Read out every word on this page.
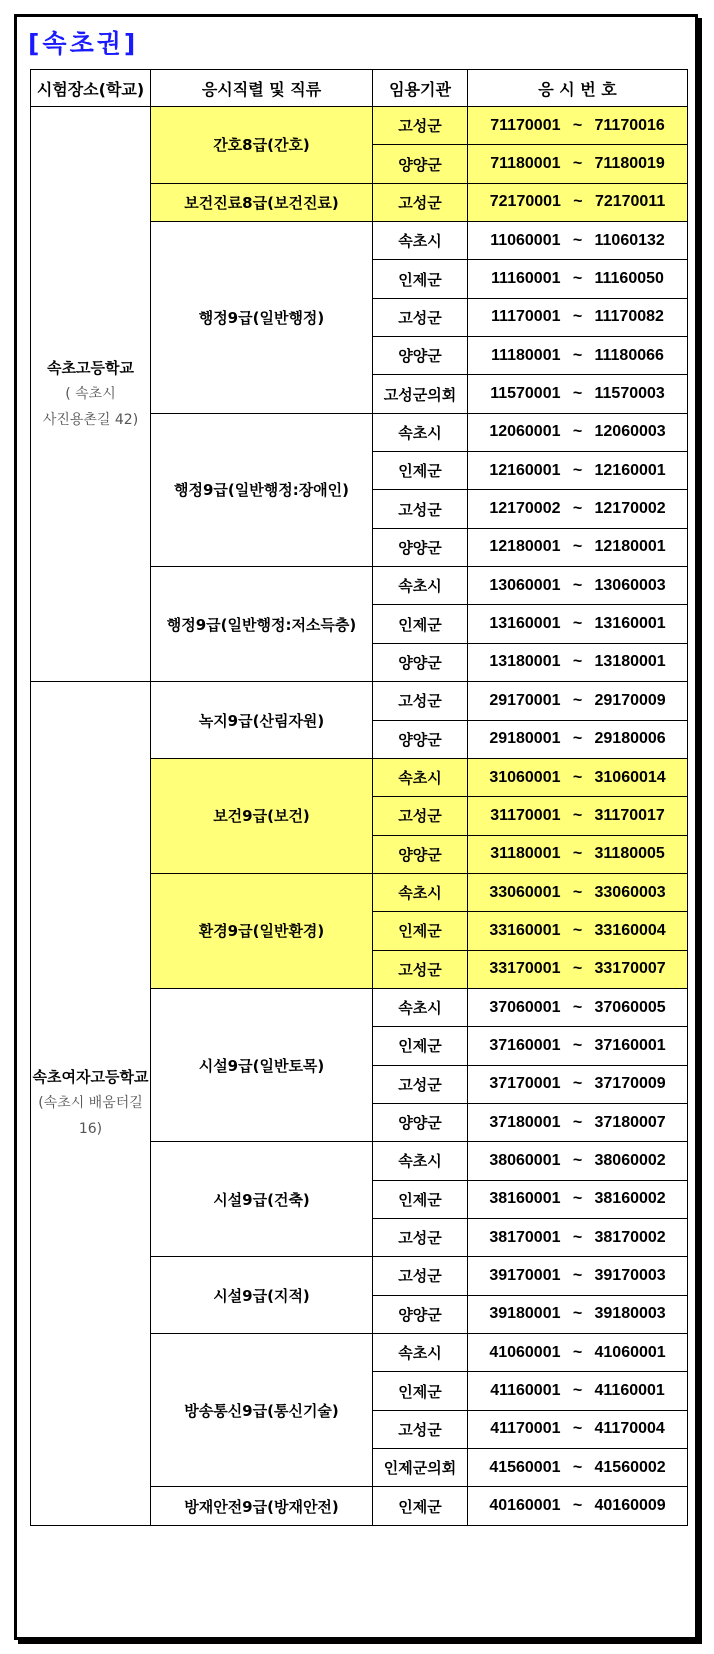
[속초권]
시험장소(학교)	응시직렬 및 직류	임용기관	응 시 번 호

속초고등학교
( 속초시
사진용촌길 42)	간호8급(간호)	고성군	71170001 ~ 71170016
		양양군	71180001 ~ 71180019
	보건진료8급(보건진료)	고성군	72170001 ~ 72170011
	행정9급(일반행정)	속초시	11060001 ~ 11060132
		인제군	11160001 ~ 11160050
		고성군	11170001 ~ 11170082
		양양군	11180001 ~ 11180066
		고성군의회	11570001 ~ 11570003
	행정9급(일반행정:장애인)	속초시	12060001 ~ 12060003
		인제군	12160001 ~ 12160001
		고성군	12170002 ~ 12170002
		양양군	12180001 ~ 12180001
	행정9급(일반행정:저소득층)	속초시	13060001 ~ 13060003
		인제군	13160001 ~ 13160001
		양양군	13180001 ~ 13180001

속초여자고등학교
(속초시 배움터길
16)	녹지9급(산림자원)	고성군	29170001 ~ 29170009
		양양군	29180001 ~ 29180006
	보건9급(보건)	속초시	31060001 ~ 31060014
		고성군	31170001 ~ 31170017
		양양군	31180001 ~ 31180005
	환경9급(일반환경)	속초시	33060001 ~ 33060003
		인제군	33160001 ~ 33160004
		고성군	33170001 ~ 33170007
	시설9급(일반토목)	속초시	37060001 ~ 37060005
		인제군	37160001 ~ 37160001
		고성군	37170001 ~ 37170009
		양양군	37180001 ~ 37180007
	시설9급(건축)	속초시	38060001 ~ 38060002
		인제군	38160001 ~ 38160002
		고성군	38170001 ~ 38170002
	시설9급(지적)	고성군	39170001 ~ 39170003
		양양군	39180001 ~ 39180003
	방송통신9급(통신기술)	속초시	41060001 ~ 41060001
		인제군	41160001 ~ 41160001
		고성군	41170001 ~ 41170004
		인제군의회	41560001 ~ 41560002
	방재안전9급(방재안전)	인제군	40160001 ~ 40160009
